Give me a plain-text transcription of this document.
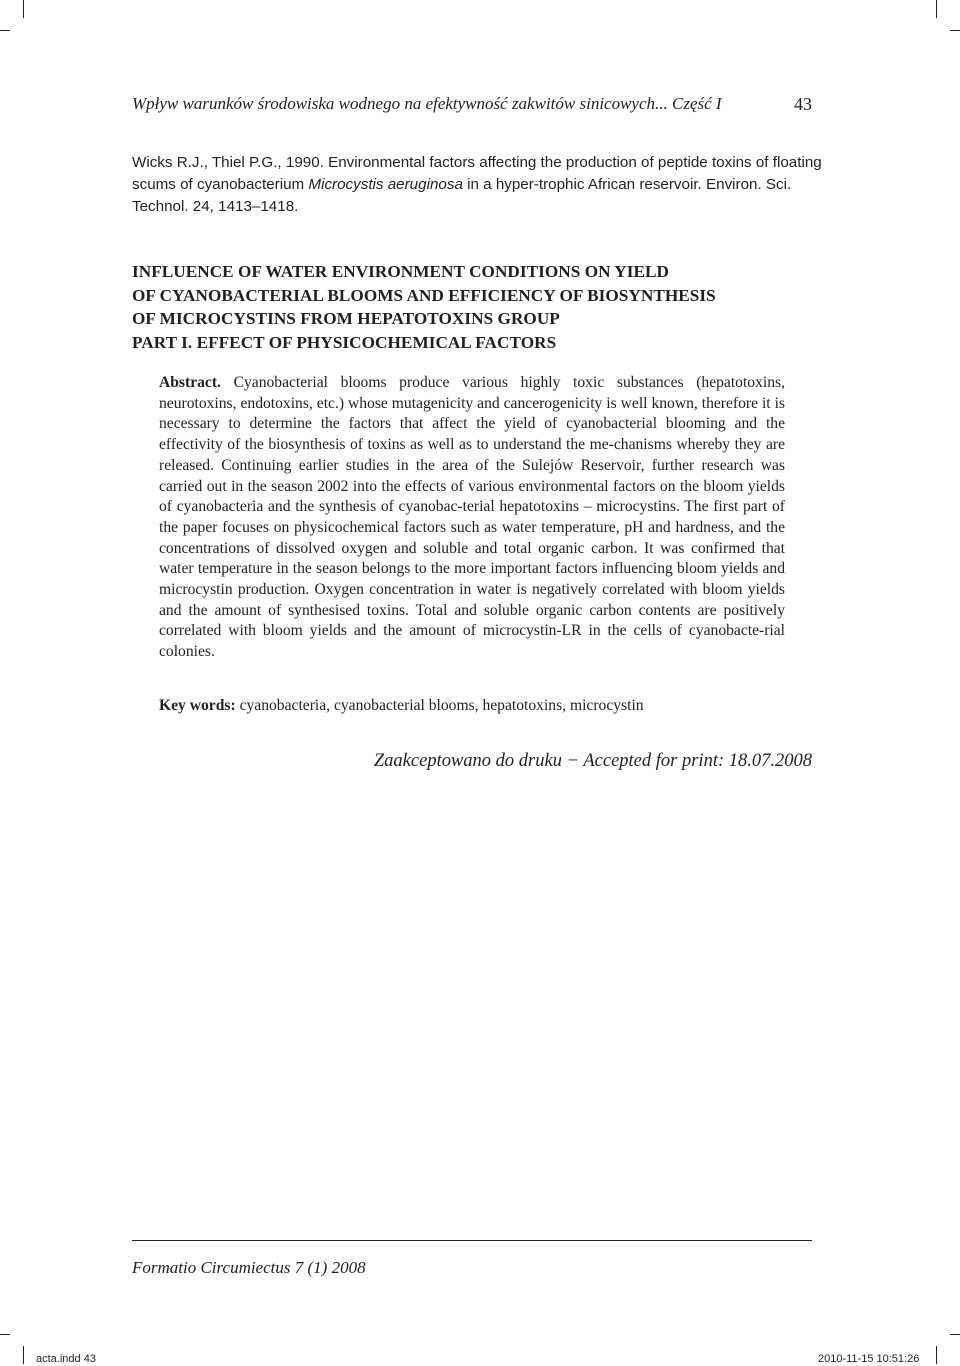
Wpływ warunków środowiska wodnego na efektywność zakwitów sinicowych... Część I	43
Wicks R.J., Thiel P.G., 1990. Environmental factors affecting the production of peptide toxins of floating scums of cyanobacterium Microcystis aeruginosa in a hyper-trophic African reservoir. Environ. Sci. Technol. 24, 1413–1418.
INFLUENCE OF WATER ENVIRONMENT CONDITIONS ON YIELD
OF CYANOBACTERIAL BLOOMS AND EFFICIENCY OF BIOSYNTHESIS
OF MICROCYSTINS FROM HEPATOTOXINS GROUP
PART I. EFFECT OF PHYSICOCHEMICAL FACTORS
Abstract. Cyanobacterial blooms produce various highly toxic substances (hepatotoxins, neurotoxins, endotoxins, etc.) whose mutagenicity and cancerogenicity is well known, therefore it is necessary to determine the factors that affect the yield of cyanobacterial blooming and the effectivity of the biosynthesis of toxins as well as to understand the me-chanisms whereby they are released. Continuing earlier studies in the area of the Sulejów Reservoir, further research was carried out in the season 2002 into the effects of various environmental factors on the bloom yields of cyanobacteria and the synthesis of cyanobac-terial hepatotoxins – microcystins. The first part of the paper focuses on physicochemical factors such as water temperature, pH and hardness, and the concentrations of dissolved oxygen and soluble and total organic carbon. It was confirmed that water temperature in the season belongs to the more important factors influencing bloom yields and microcystin production. Oxygen concentration in water is negatively correlated with bloom yields and the amount of synthesised toxins. Total and soluble organic carbon contents are positively correlated with bloom yields and the amount of microcystin-LR in the cells of cyanobacte-rial colonies.
Key words: cyanobacteria, cyanobacterial blooms, hepatotoxins, microcystin
Zaakceptowano do druku − Accepted for print: 18.07.2008
Formatio Circumiectus 7 (1) 2008
acta.indd 43	2010-11-15 10:51:26
